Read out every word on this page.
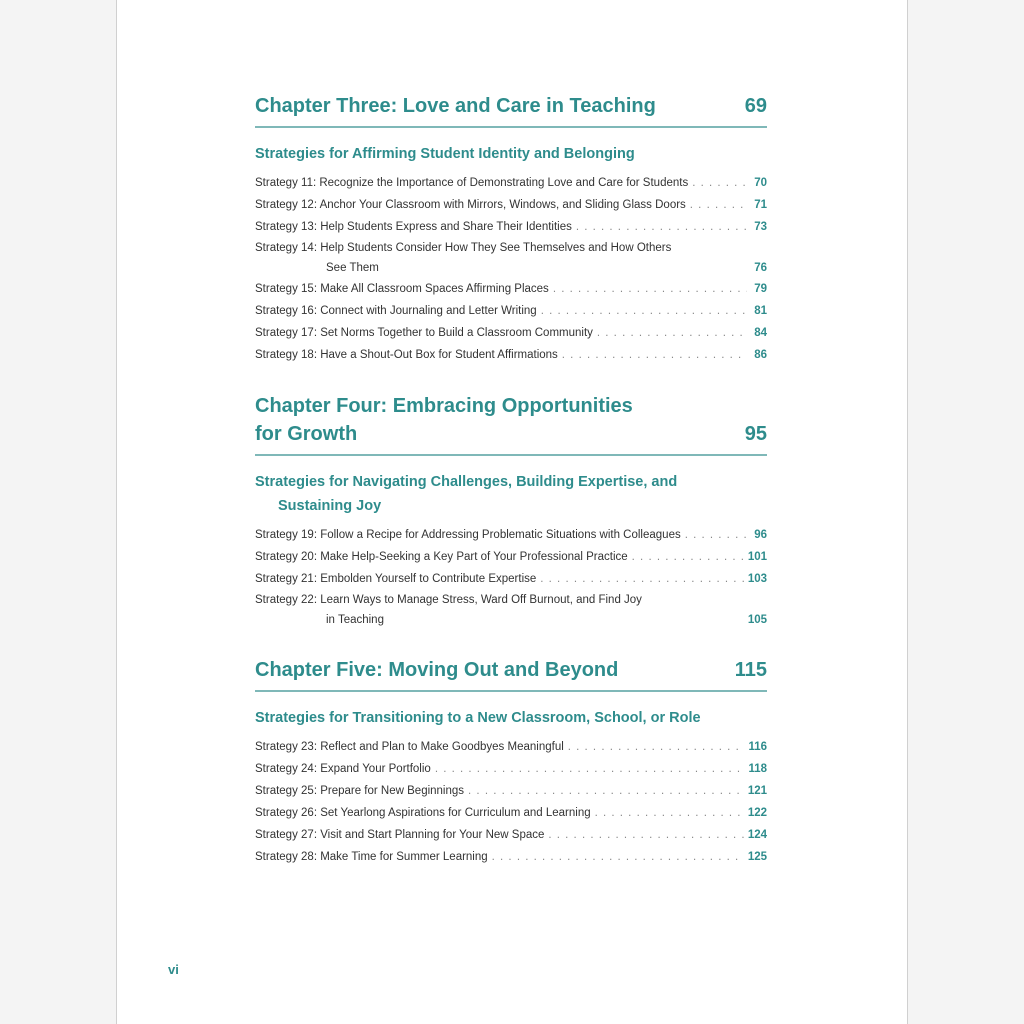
Chapter Three: Love and Care in Teaching	69
Strategies for Affirming Student Identity and Belonging
Strategy 11: Recognize the Importance of Demonstrating Love and Care for Students . . .	70
Strategy 12: Anchor Your Classroom with Mirrors, Windows, and Sliding Glass Doors . . .	71
Strategy 13: Help Students Express and Share Their Identities . . .	73
Strategy 14: Help Students Consider How They See Themselves and How Others
See Them	76
Strategy 15: Make All Classroom Spaces Affirming Places . . .	79
Strategy 16: Connect with Journaling and Letter Writing . . .	81
Strategy 17: Set Norms Together to Build a Classroom Community . . .	84
Strategy 18: Have a Shout-Out Box for Student Affirmations . . .	86
Chapter Four: Embracing Opportunities
for Growth	95
Strategies for Navigating Challenges, Building Expertise, and
Sustaining Joy
Strategy 19: Follow a Recipe for Addressing Problematic Situations with Colleagues . . .	96
Strategy 20: Make Help-Seeking a Key Part of Your Professional Practice . . .	101
Strategy 21: Embolden Yourself to Contribute Expertise . . .	103
Strategy 22: Learn Ways to Manage Stress, Ward Off Burnout, and Find Joy
in Teaching	105
Chapter Five: Moving Out and Beyond	115
Strategies for Transitioning to a New Classroom, School, or Role
Strategy 23: Reflect and Plan to Make Goodbyes Meaningful . . .	116
Strategy 24: Expand Your Portfolio . . .	118
Strategy 25: Prepare for New Beginnings . . .	121
Strategy 26: Set Yearlong Aspirations for Curriculum and Learning . . .	122
Strategy 27: Visit and Start Planning for Your New Space . . .	124
Strategy 28: Make Time for Summer Learning . . .	125
vi
